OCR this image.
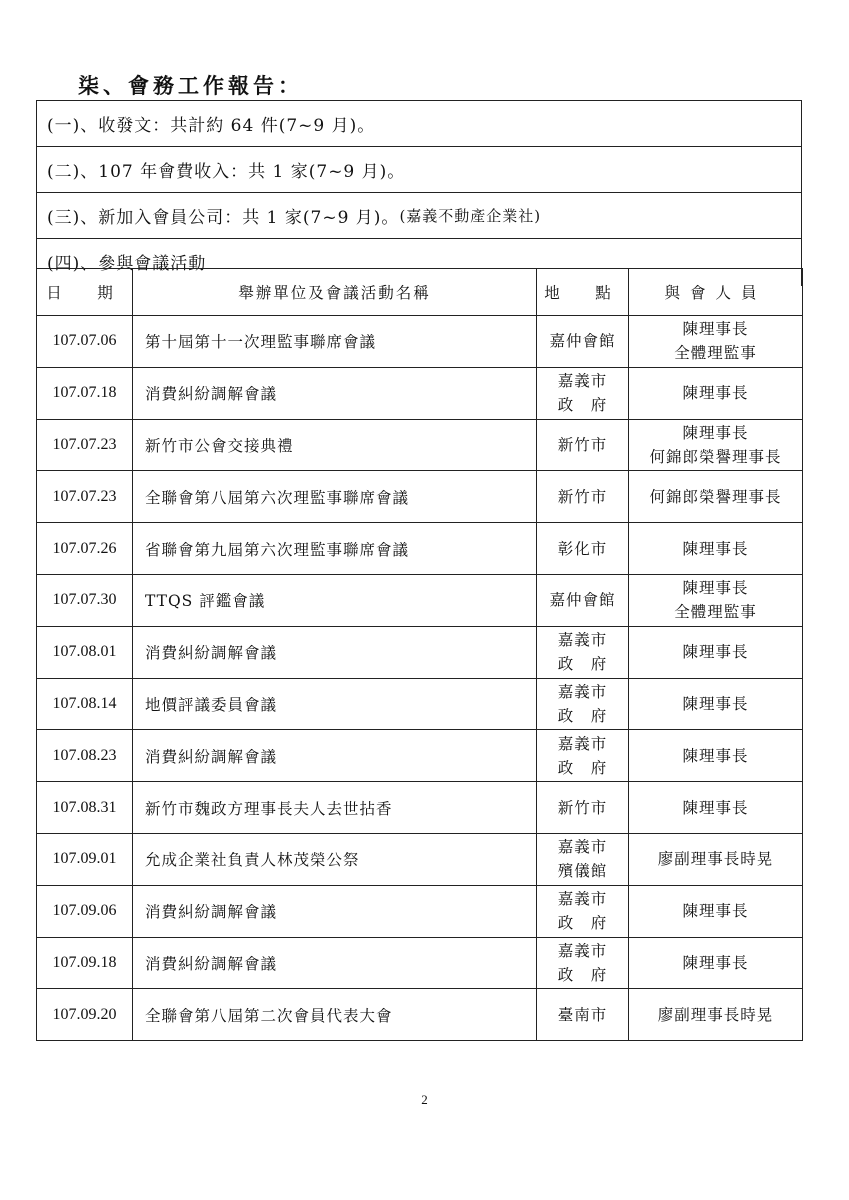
柒、會務工作報告：
(一)、收發文：共計約 64 件(7~9 月)。
(二)、107 年會費收入：共 1 家(7~9 月)。
(三)、新加入會員公司：共 1 家(7~9 月)。 (嘉義不動產企業社)
(四)、參與會議活動
日　期	舉辦單位及會議活動名稱	地　點	與會人員
107.07.06	第十屆第十一次理監事聯席會議	嘉仲會館	陳理事長
全體理監事

107.07.18	消費糾紛調解會議	嘉義市
政　府	陳理事長

107.07.23	新竹市公會交接典禮	新竹市	陳理事長
何錦郎榮譽理事長

107.07.23	全聯會第八屆第六次理監事聯席會議	新竹市	何錦郎榮譽理事長

107.07.26	省聯會第九屆第六次理監事聯席會議	彰化市	陳理事長

107.07.30	TTQS 評鑑會議	嘉仲會館	陳理事長
全體理監事

107.08.01	消費糾紛調解會議	嘉義市
政　府	陳理事長

107.08.14	地價評議委員會議	嘉義市
政　府	陳理事長

107.08.23	消費糾紛調解會議	嘉義市
政　府	陳理事長

107.08.31	新竹市魏政方理事長夫人去世拈香	新竹市	陳理事長

107.09.01	允成企業社負責人林茂榮公祭	嘉義市
殯儀館	廖副理事長時晃

107.09.06	消費糾紛調解會議	嘉義市
政　府	陳理事長

107.09.18	消費糾紛調解會議	嘉義市
政　府	陳理事長

107.09.20	全聯會第八屆第二次會員代表大會	臺南市	廖副理事長時晃
2
